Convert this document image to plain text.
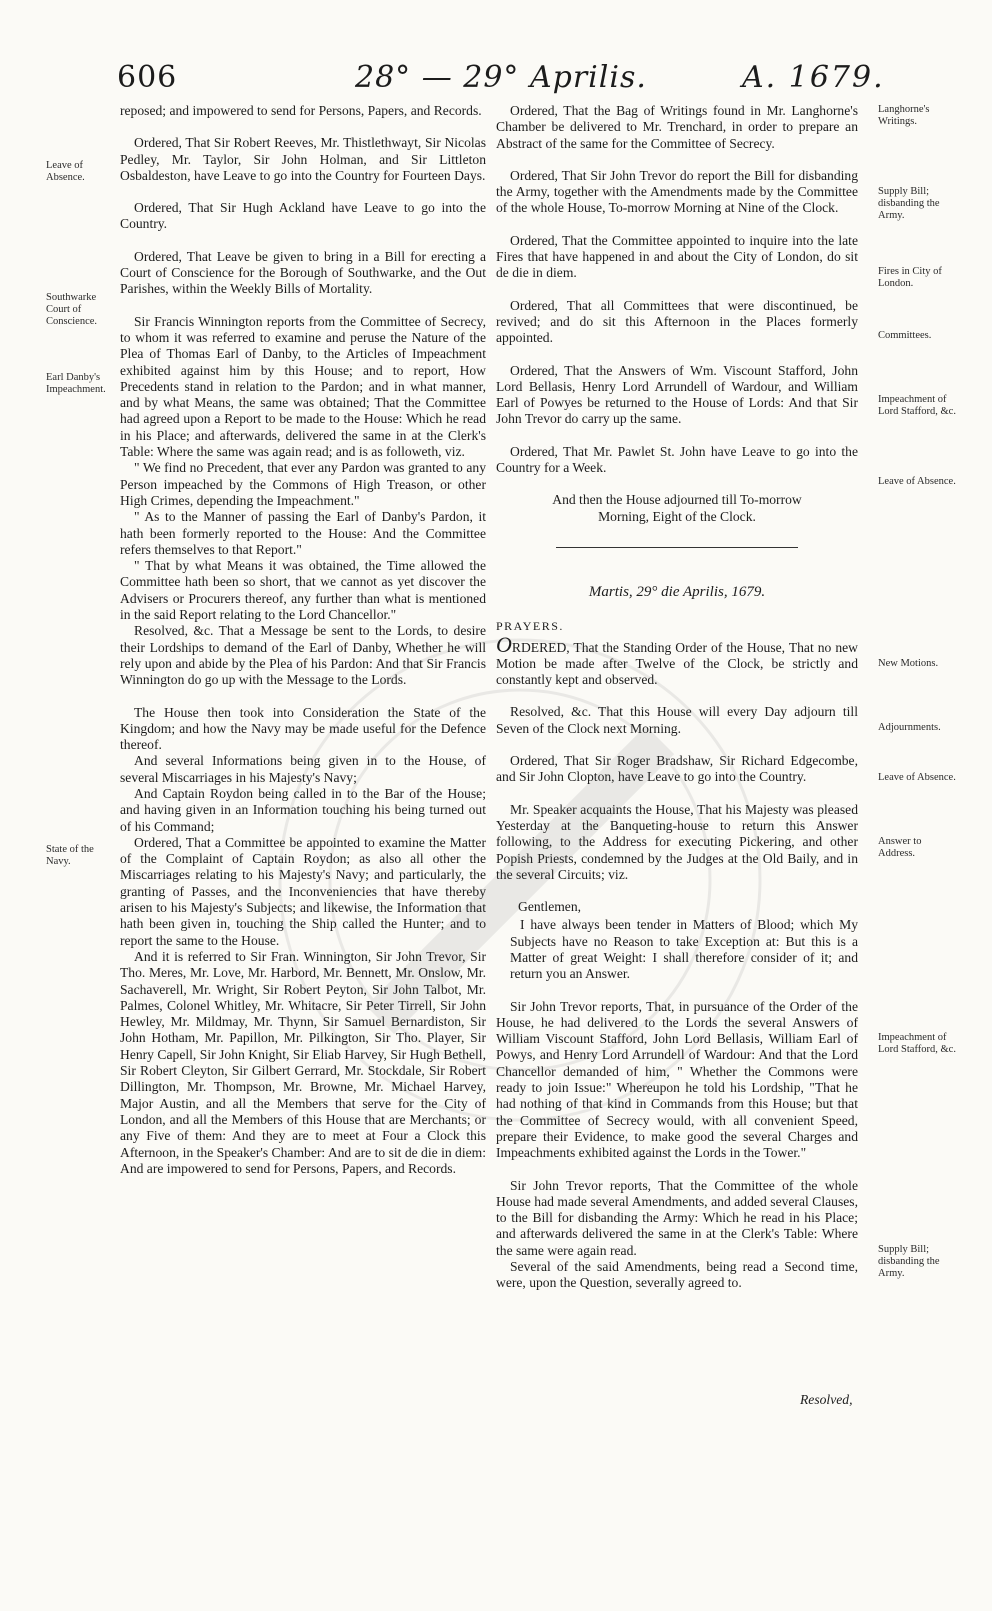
606	28° — 29° Aprilis.	A. 1679.
Leave of Absence.
Southwarke Court of Conscience.
Earl Danby's Impeachment.
State of the Navy.
Langhorne's Writings.
Supply Bill; disbanding the Army.
Fires in City of London.
Committees.
Impeachment of Lord Stafford, &c.
Leave of Absence.
New Motions.
Adjournments.
Leave of Absence.
Answer to Address.
Impeachment of Lord Stafford, &c.
Supply Bill; disbanding the Army.

reposed; and impowered to send for Persons, Papers, and Records.

Ordered, That Sir Robert Reeves, Mr. Thistlethwayt, Sir Nicolas Pedley, Mr. Taylor, Sir John Holman, and Sir Littleton Osbaldeston, have Leave to go into the Country for Fourteen Days.

Ordered, That Sir Hugh Ackland have Leave to go into the Country.

Ordered, That Leave be given to bring in a Bill for erecting a Court of Conscience for the Borough of Southwarke, and the Out Parishes, within the Weekly Bills of Mortality.

Sir Francis Winnington reports from the Committee of Secrecy, to whom it was referred to examine and peruse the Nature of the Plea of Thomas Earl of Danby, to the Articles of Impeachment exhibited against him by this House; and to report, How Precedents stand in relation to the Pardon; and in what manner, and by what Means, the same was obtained; That the Committee had agreed upon a Report to be made to the House: Which he read in his Place; and afterwards, delivered the same in at the Clerk's Table: Where the same was again read; and is as followeth, viz.

" We find no Precedent, that ever any Pardon was granted to any Person impeached by the Commons of High Treason, or other High Crimes, depending the Impeachment."

" As to the Manner of passing the Earl of Danby's Pardon, it hath been formerly reported to the House: And the Committee refers themselves to that Report."

" That by what Means it was obtained, the Time allowed the Committee hath been so short, that we cannot as yet discover the Advisers or Procurers thereof, any further than what is mentioned in the said Report relating to the Lord Chancellor."

Resolved, &c. That a Message be sent to the Lords, to desire their Lordships to demand of the Earl of Danby, Whether he will rely upon and abide by the Plea of his Pardon: And that Sir Francis Winnington do go up with the Message to the Lords.

The House then took into Consideration the State of the Kingdom; and how the Navy may be made useful for the Defence thereof.

And several Informations being given in to the House, of several Miscarriages in his Majesty's Navy;

And Captain Roydon being called in to the Bar of the House; and having given in an Information touching his being turned out of his Command;

Ordered, That a Committee be appointed to examine the Matter of the Complaint of Captain Roydon; as also all other the Miscarriages relating to his Majesty's Navy; and particularly, the granting of Passes, and the Inconveniencies that have thereby arisen to his Majesty's Subjects; and likewise, the Information that hath been given in, touching the Ship called the Hunter; and to report the same to the House.

And it is referred to Sir Fran. Winnington, Sir John Trevor, Sir Tho. Meres, Mr. Love, Mr. Harbord, Mr. Bennett, Mr. Onslow, Mr. Sachaverell, Mr. Wright, Sir Robert Peyton, Sir John Talbot, Mr. Palmes, Colonel Whitley, Mr. Whitacre, Sir Peter Tirrell, Sir John Hewley, Mr. Mildmay, Mr. Thynn, Sir Samuel Bernardiston, Sir John Hotham, Mr. Papillon, Mr. Pilkington, Sir Tho. Player, Sir Henry Capell, Sir John Knight, Sir Eliab Harvey, Sir Hugh Bethell, Sir Robert Cleyton, Sir Gilbert Gerrard, Mr. Stockdale, Sir Robert Dillington, Mr. Thompson, Mr. Browne, Mr. Michael Harvey, Major Austin, and all the Members that serve for the City of London, and all the Members of this House that are Merchants; or any Five of them: And they are to meet at Four a Clock this Afternoon, in the Speaker's Chamber: And are to sit de die in diem: And are impowered to send for Persons, Papers, and Records.

Ordered, That the Bag of Writings found in Mr. Langhorne's Chamber be delivered to Mr. Trenchard, in order to prepare an Abstract of the same for the Committee of Secrecy.

Ordered, That Sir John Trevor do report the Bill for disbanding the Army, together with the Amendments made by the Committee of the whole House, To-morrow Morning at Nine of the Clock.

Ordered, That the Committee appointed to inquire into the late Fires that have happened in and about the City of London, do sit de die in diem.

Ordered, That all Committees that were discontinued, be revived; and do sit this Afternoon in the Places formerly appointed.

Ordered, That the Answers of Wm. Viscount Stafford, John Lord Bellasis, Henry Lord Arrundell of Wardour, and William Earl of Powyes be returned to the House of Lords: And that Sir John Trevor do carry up the same.

Ordered, That Mr. Pawlet St. John have Leave to go into the Country for a Week.

And then the House adjourned till To-morrow Morning, Eight of the Clock.

Martis, 29° die Aprilis, 1679.

PRAYERS.

ORDERED, That the Standing Order of the House, That no new Motion be made after Twelve of the Clock, be strictly and constantly kept and observed.

Resolved, &c. That this House will every Day adjourn till Seven of the Clock next Morning.

Ordered, That Sir Roger Bradshaw, Sir Richard Edgecombe, and Sir John Clopton, have Leave to go into the Country.

Mr. Speaker acquaints the House, That his Majesty was pleased Yesterday at the Banqueting-house to return this Answer following, to the Address for executing Pickering, and other Popish Priests, condemned by the Judges at the Old Baily, and in the several Circuits; viz.

Gentlemen,

I have always been tender in Matters of Blood; which My Subjects have no Reason to take Exception at: But this is a Matter of great Weight: I shall therefore consider of it; and return you an Answer.

Sir John Trevor reports, That, in pursuance of the Order of the House, he had delivered to the Lords the several Answers of William Viscount Stafford, John Lord Bellasis, William Earl of Powys, and Henry Lord Arrundell of Wardour: And that the Lord Chancellor demanded of him, " Whether the Commons were ready to join Issue:" Whereupon he told his Lordship, "That he had nothing of that kind in Commands from this House; but that the Committee of Secrecy would, with all convenient Speed, prepare their Evidence, to make good the several Charges and Impeachments exhibited against the Lords in the Tower."

Sir John Trevor reports, That the Committee of the whole House had made several Amendments, and added several Clauses, to the Bill for disbanding the Army: Which he read in his Place; and afterwards delivered the same in at the Clerk's Table: Where the same were again read.

Several of the said Amendments, being read a Second time, were, upon the Question, severally agreed to.

Resolved,
